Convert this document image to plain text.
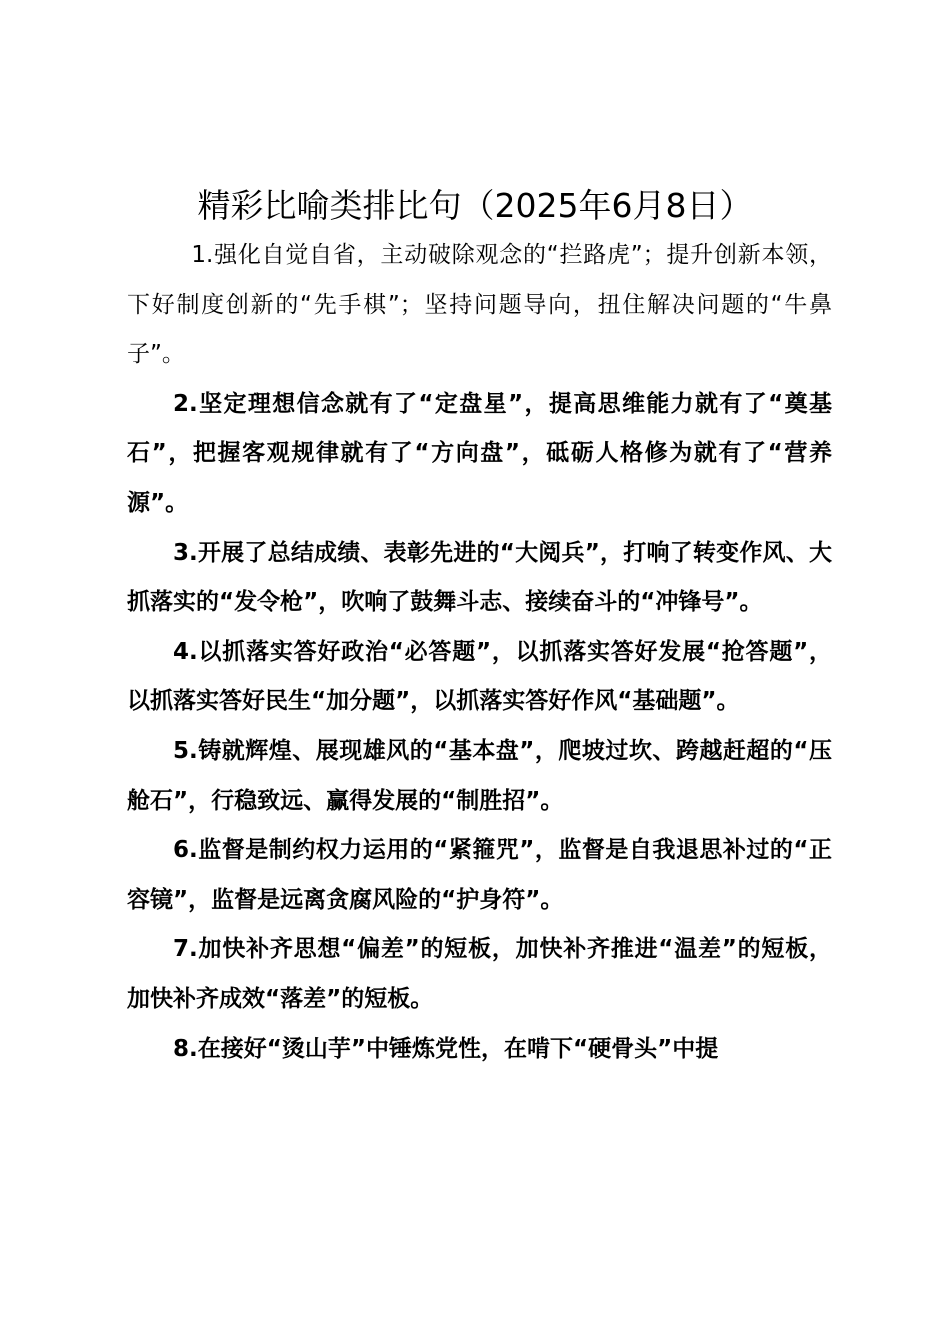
精彩比喻类排比句（2025年6月8日）

1.强化自觉自省，主动破除观念的“拦路虎”；提升创新本领，下好制度创新的“先手棋”；坚持问题导向，扭住解决问题的“牛鼻子”。

2.坚定理想信念就有了“定盘星”，提高思维能力就有了“奠基石”，把握客观规律就有了“方向盘”，砥砺人格修为就有了“营养源”。

3.开展了总结成绩、表彰先进的“大阅兵”，打响了转变作风、大抓落实的“发令枪”，吹响了鼓舞斗志、接续奋斗的“冲锋号”。

4.以抓落实答好政治“必答题”，以抓落实答好发展“抢答题”，以抓落实答好民生“加分题”，以抓落实答好作风“基础题”。

5.铸就辉煌、展现雄风的“基本盘”，爬坡过坎、跨越赶超的“压舱石”，行稳致远、赢得发展的“制胜招”。

6.监督是制约权力运用的“紧箍咒”，监督是自我退思补过的“正容镜”，监督是远离贪腐风险的“护身符”。

7.加快补齐思想“偏差”的短板，加快补齐推进“温差”的短板，加快补齐成效“落差”的短板。

8.在接好“烫山芋”中锤炼党性，在啃下“硬骨头”中提
